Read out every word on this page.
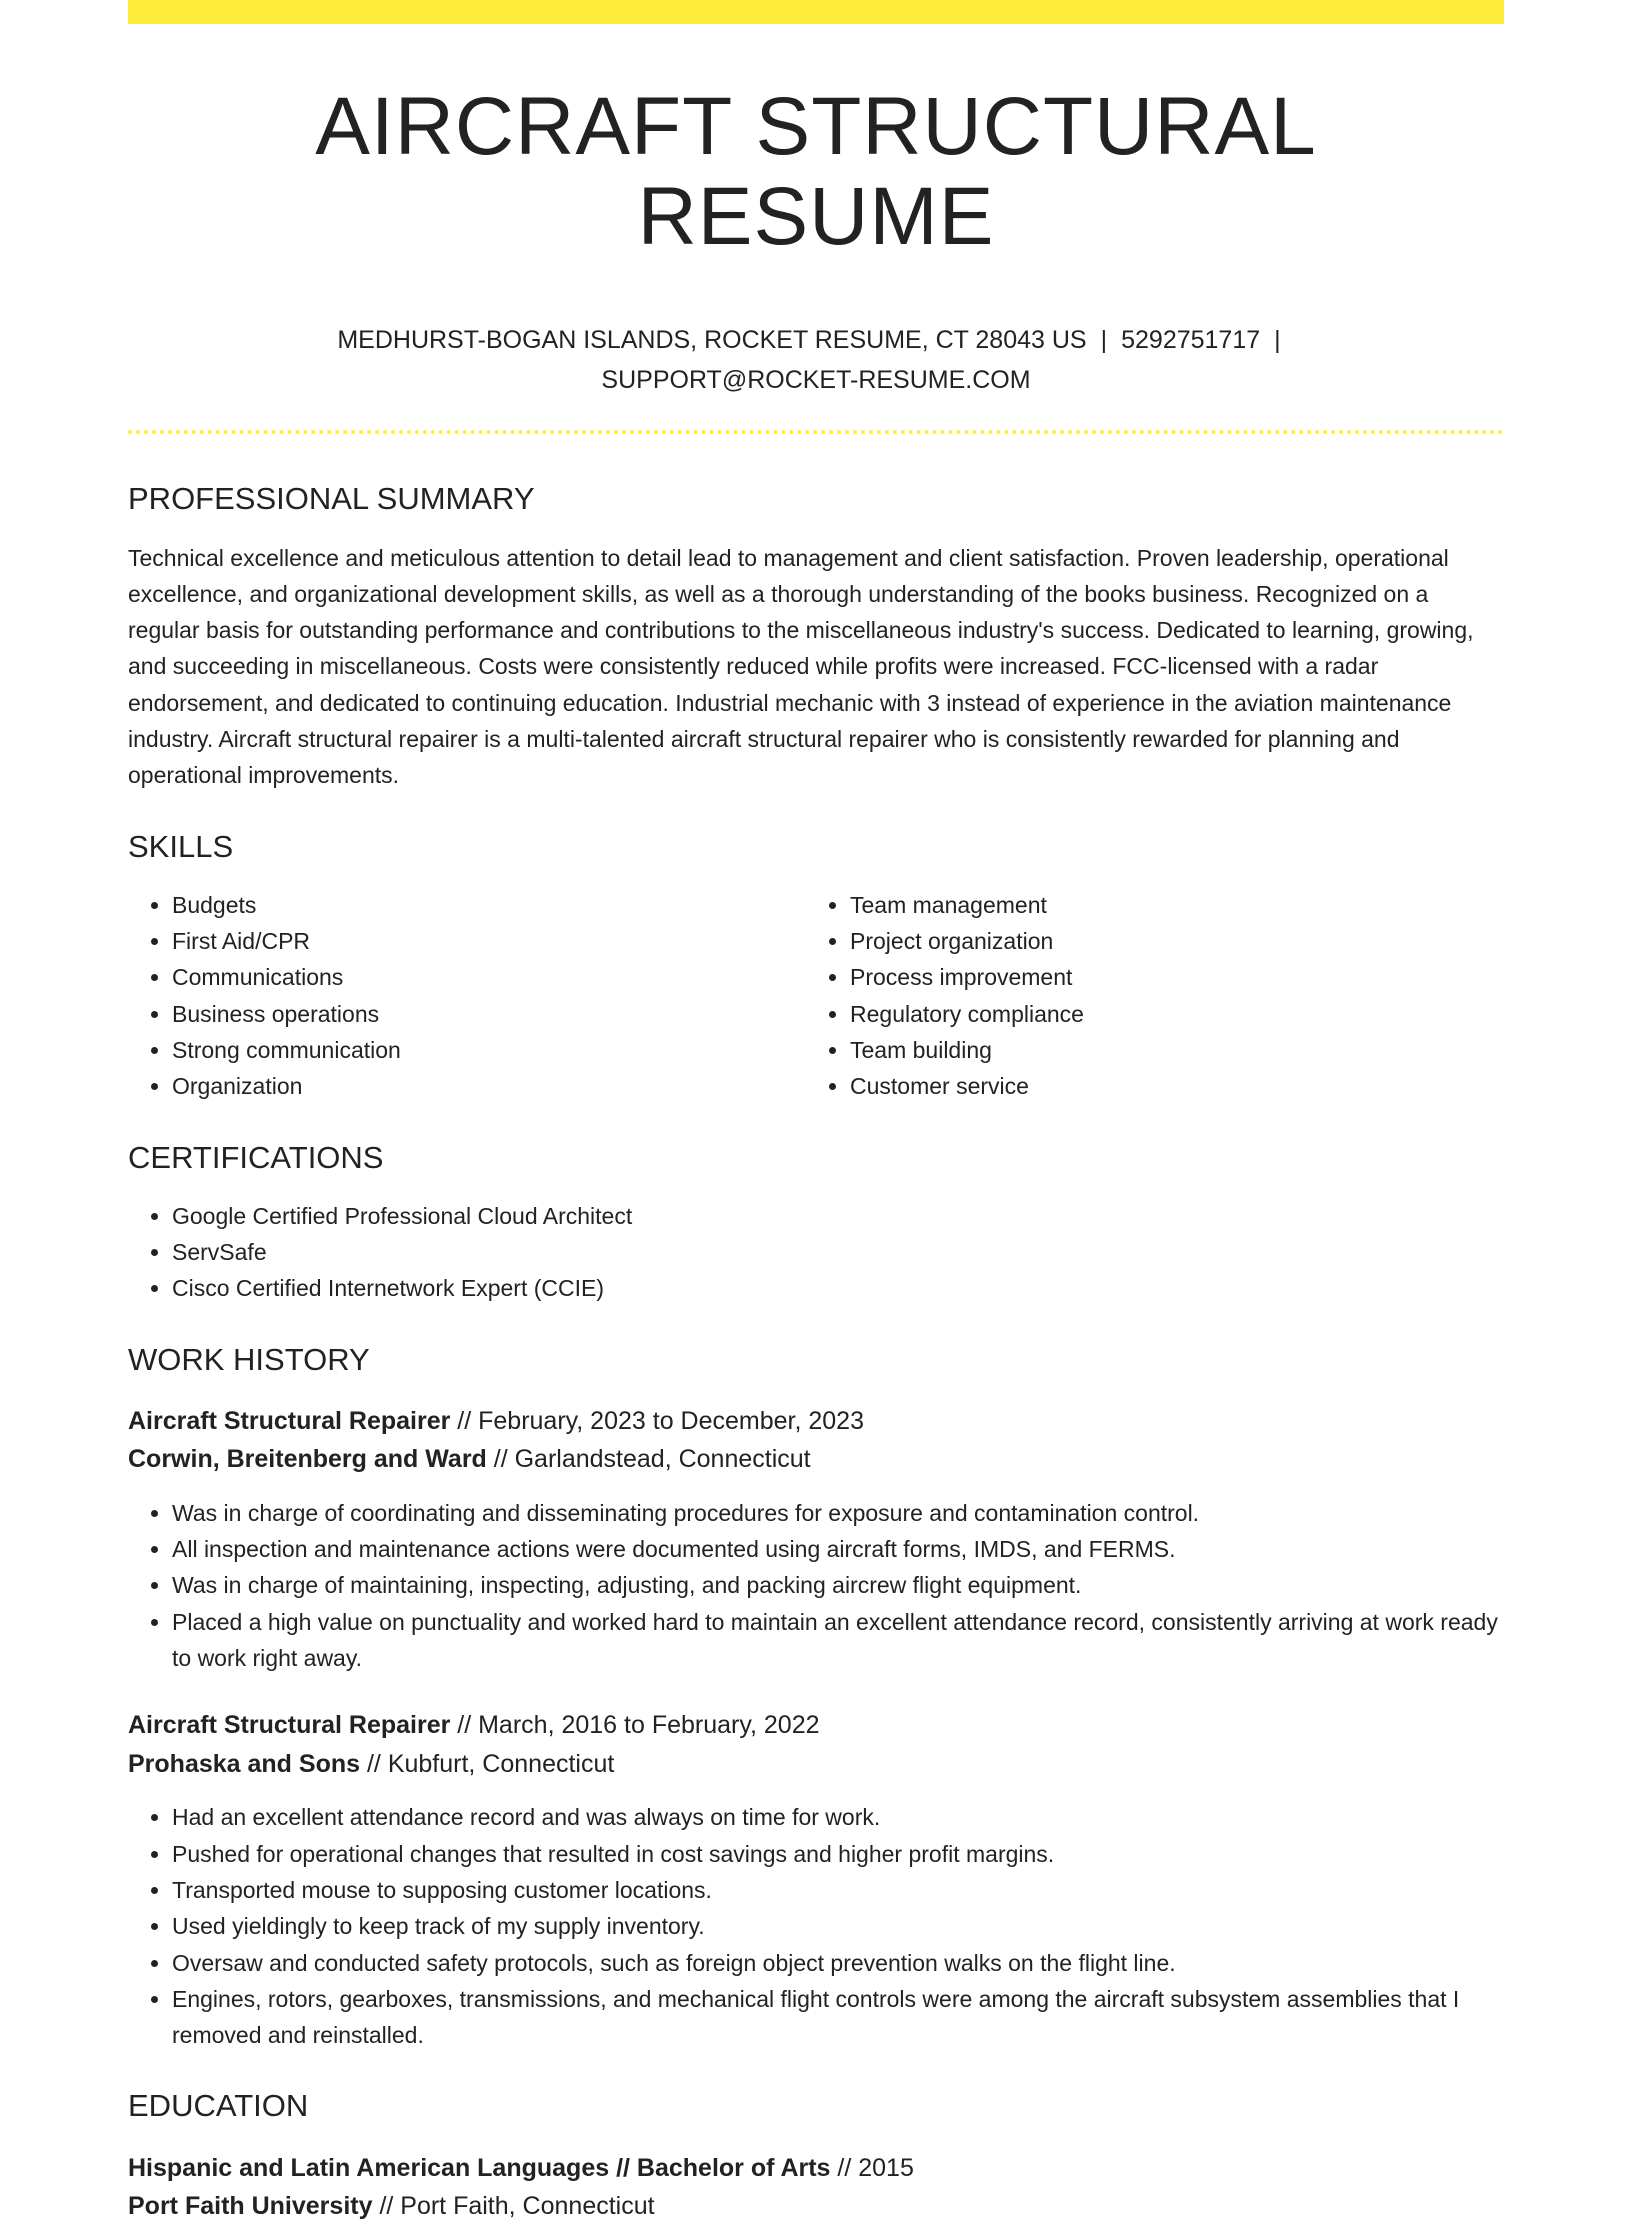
AIRCRAFT STRUCTURAL RESUME
MEDHURST-BOGAN ISLANDS, ROCKET RESUME, CT 28043 US | 5292751717 |
SUPPORT@ROCKET-RESUME.COM
PROFESSIONAL SUMMARY

Technical excellence and meticulous attention to detail lead to management and client satisfaction. Proven leadership, operational excellence, and organizational development skills, as well as a thorough understanding of the books business. Recognized on a regular basis for outstanding performance and contributions to the miscellaneous industry's success. Dedicated to learning, growing, and succeeding in miscellaneous. Costs were consistently reduced while profits were increased. FCC-licensed with a radar endorsement, and dedicated to continuing education. Industrial mechanic with 3 instead of experience in the aviation maintenance industry. Aircraft structural repairer is a multi-talented aircraft structural repairer who is consistently rewarded for planning and operational improvements.

SKILLS
• Budgets
• First Aid/CPR
• Communications
• Business operations
• Strong communication
• Organization
• Team management
• Project organization
• Process improvement
• Regulatory compliance
• Team building
• Customer service
CERTIFICATIONS
• Google Certified Professional Cloud Architect
• ServSafe
• Cisco Certified Internetwork Expert (CCIE)
WORK HISTORY
Aircraft Structural Repairer // February, 2023 to December, 2023
Corwin, Breitenberg and Ward // Garlandstead, Connecticut
• Was in charge of coordinating and disseminating procedures for exposure and contamination control.
• All inspection and maintenance actions were documented using aircraft forms, IMDS, and FERMS.
• Was in charge of maintaining, inspecting, adjusting, and packing aircrew flight equipment.
• Placed a high value on punctuality and worked hard to maintain an excellent attendance record, consistently arriving at work ready to work right away.
Aircraft Structural Repairer // March, 2016 to February, 2022
Prohaska and Sons // Kubfurt, Connecticut
• Had an excellent attendance record and was always on time for work.
• Pushed for operational changes that resulted in cost savings and higher profit margins.
• Transported mouse to supposing customer locations.
• Used yieldingly to keep track of my supply inventory.
• Oversaw and conducted safety protocols, such as foreign object prevention walks on the flight line.
• Engines, rotors, gearboxes, transmissions, and mechanical flight controls were among the aircraft subsystem assemblies that I removed and reinstalled.
EDUCATION
Hispanic and Latin American Languages // Bachelor of Arts // 2015
Port Faith University // Port Faith, Connecticut
